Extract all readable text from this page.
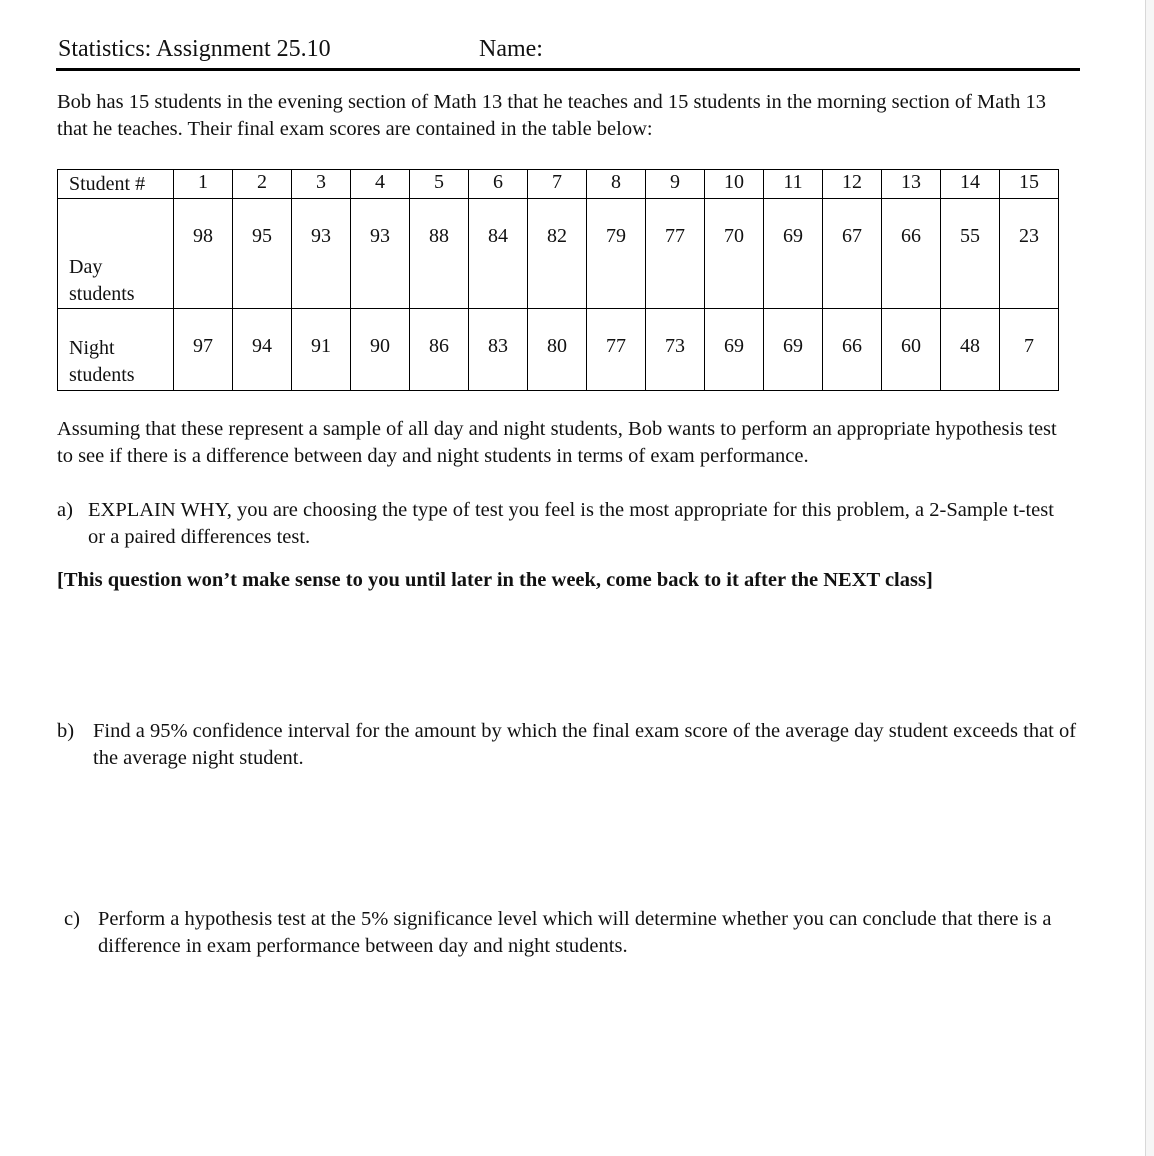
Statistics: Assignment 25.10	Name:
Bob has 15 students in the evening section of Math 13 that he teaches and 15 students in the morning section of Math 13 that he teaches. Their final exam scores are contained in the table below:
Student #	1	2	3	4	5	6	7	8	9	10	11	12	13	14	15

Day
students	98	95	93	93	88	84	82	79	77	70	69	67	66	55	23

Night
students	97	94	91	90	86	83	80	77	73	69	69	66	60	48	7
Assuming that these represent a sample of all day and night students, Bob wants to perform an appropriate hypothesis test to see if there is a difference between day and night students in terms of exam performance.
a) EXPLAIN WHY, you are choosing the type of test you feel is the most appropriate for this problem, a 2-Sample t-test or a paired differences test.
[This question won’t make sense to you until later in the week, come back to it after the NEXT class]
b) Find a 95% confidence interval for the amount by which the final exam score of the average day student exceeds that of the average night student.
c) Perform a hypothesis test at the 5% significance level which will determine whether you can conclude that there is a difference in exam performance between day and night students.
